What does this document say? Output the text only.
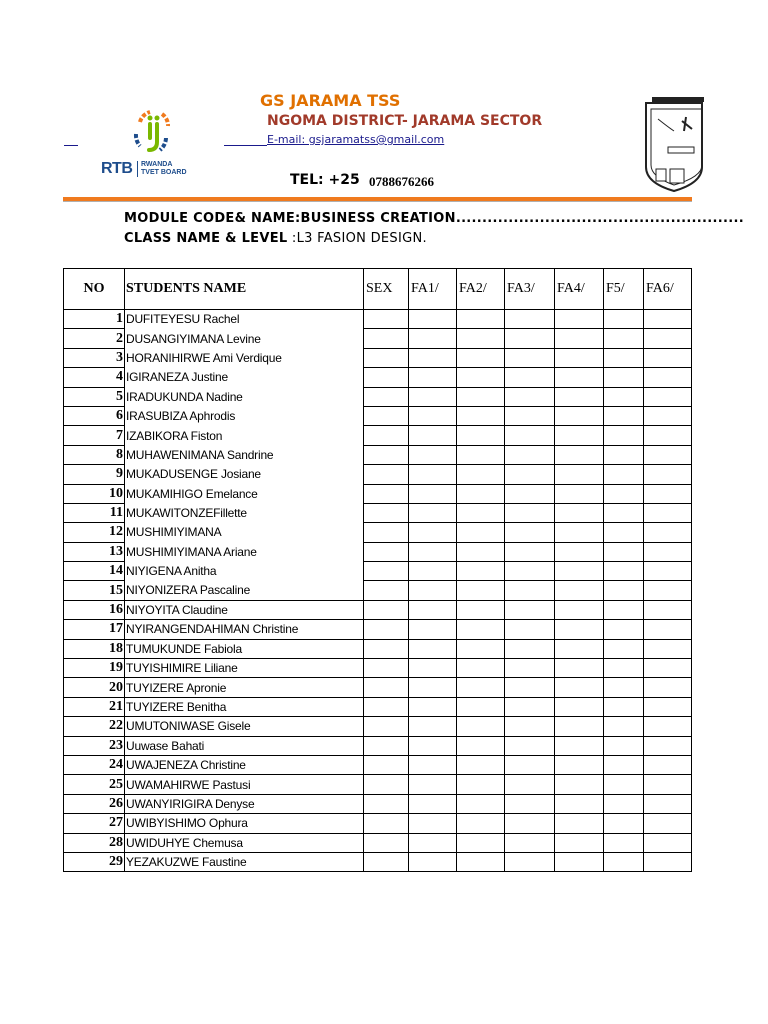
RTB RWANDA
TVET BOARD
GS JARAMA TSS
NGOMA DISTRICT- JARAMA SECTOR
E-mail: gsjaramatss@gmail.com
TEL: +25 0788676266
MODULE CODE& NAME:BUSINESS CREATION.......................................................
CLASS NAME & LEVEL :L3 FASION DESIGN.
NO	STUDENTS NAME	SEX	FA1/	FA2/	FA3/	FA4/	F5/	FA6/
1	DUFITEYESU Rachel							
2	DUSANGIYIMANA Levine							
3	HORANIHIRWE Ami Verdique							
4	IGIRANEZA Justine							
5	IRADUKUNDA Nadine							
6	IRASUBIZA Aphrodis							
7	IZABIKORA Fiston							
8	MUHAWENIMANA Sandrine							
9	MUKADUSENGE Josiane							
10	MUKAMIHIGO Emelance							
11	MUKAWITONZEFillette							
12	MUSHIMIYIMANA							
13	MUSHIMIYIMANA Ariane							
14	NIYIGENA Anitha							
15	NIYONIZERA Pascaline							
16	NIYOYITA Claudine							
17	NYIRANGENDAHIMAN Christine							
18	TUMUKUNDE Fabiola							
19	TUYISHIMIRE Liliane							
20	TUYIZERE Apronie							
21	TUYIZERE Benitha							
22	UMUTONIWASE Gisele							
23	Uuwase Bahati							
24	UWAJENEZA Christine							
25	UWAMAHIRWE Pastusi							
26	UWANYIRIGIRA Denyse							
27	UWIBYISHIMO Ophura							
28	UWIDUHYE Chemusa							
29	YEZAKUZWE Faustine							
